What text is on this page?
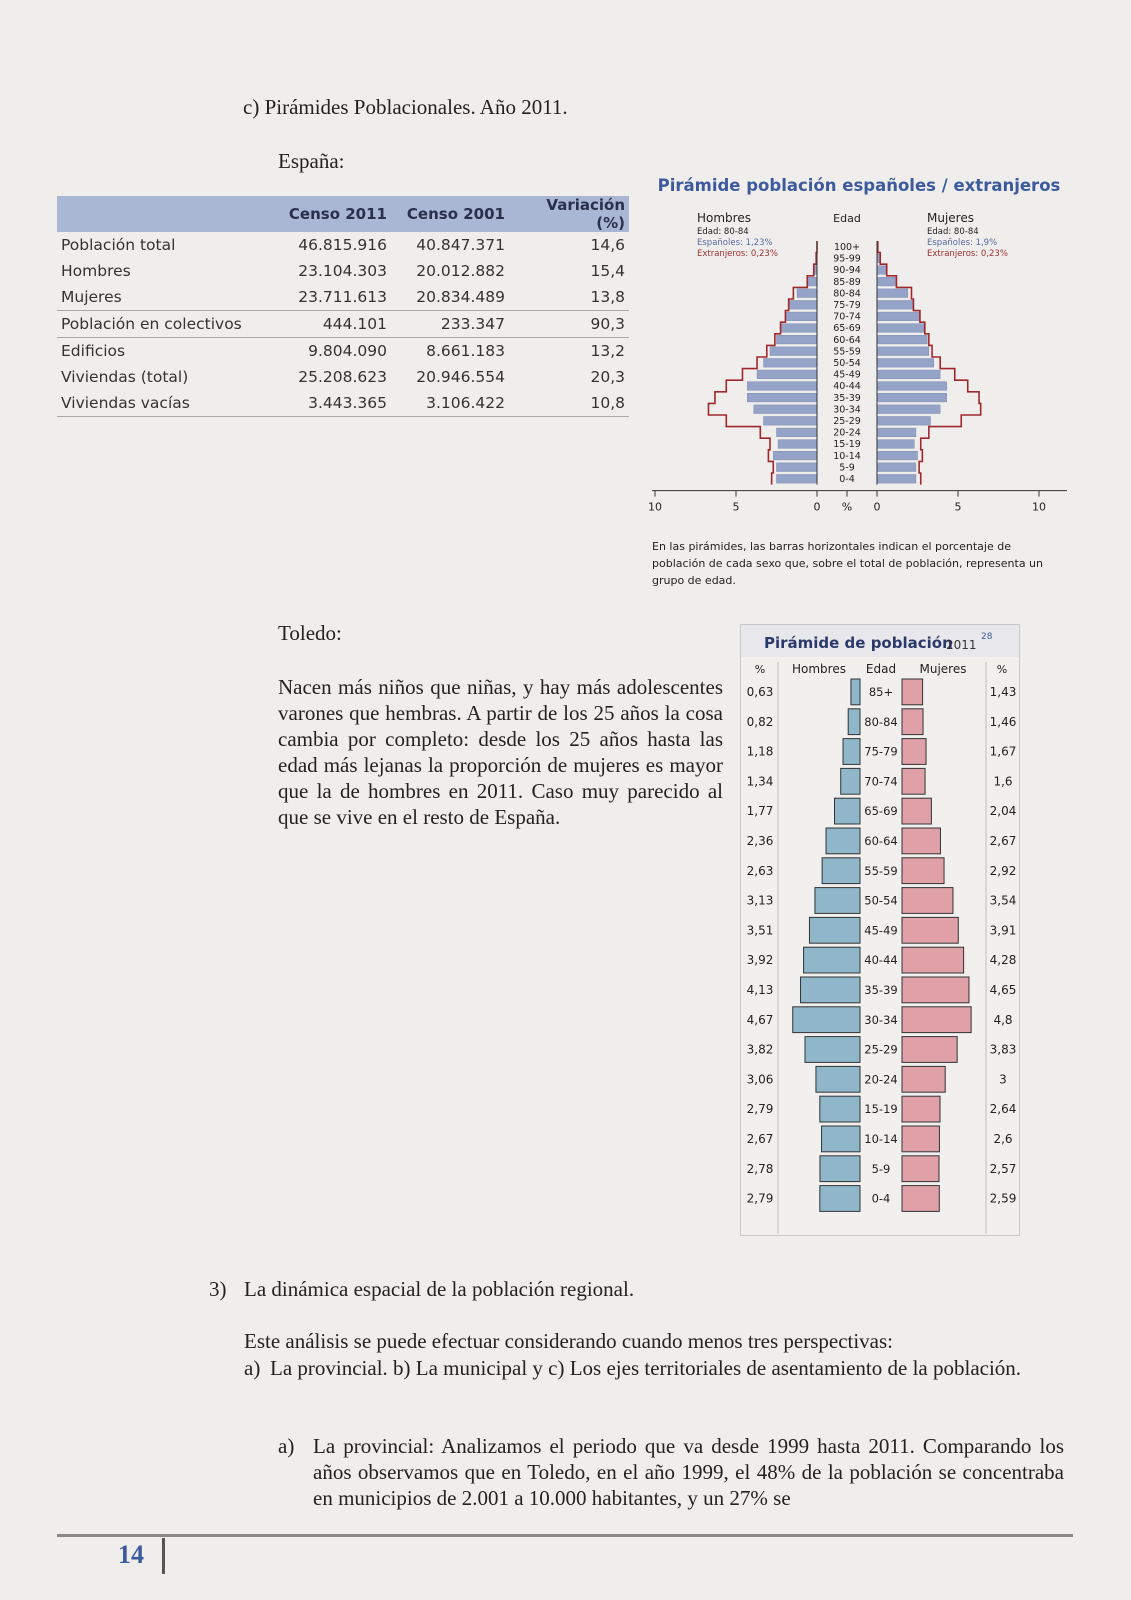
c) Pirámides Poblacionales. Año 2011.
España:
	Censo 2011	Censo 2001	Variación (%)
Población total	46.815.916	40.847.371	14,6
Hombres	23.104.303	20.012.882	15,4
Mujeres	23.711.613	20.834.489	13,8
Población en colectivos	444.101	233.347	90,3
Edificios	9.804.090	8.661.183	13,2
Viviendas (total)	25.208.623	20.946.554	20,3
Viviendas vacías	3.443.365	3.106.422	10,8
Pirámide población españoles / extranjeros
Hombres	Edad	Mujeres
Edad: 80-84
Españoles: 1,23%
Extranjeros: 0,23%
Edad: 80-84
Españoles: 1,9%
Extranjeros: 0,23%
100+
95-99
90-94
85-89
80-84
75-79
70-74
65-69
60-64
55-59
50-54
45-49
40-44
35-39
30-34
25-29
20-24
15-19
10-14
5-9
0-4
10	5	0 % 0	5	10
En las pirámides, las barras horizontales indican el porcentaje de población de cada sexo que, sobre el total de población, representa un grupo de edad.
Toledo:
Nacen más niños que niñas, y hay más adolescentes varones que hembras. A partir de los 25 años la cosa cambia por completo: desde los 25 años hasta las edad más lejanas la proporción de mujeres es mayor que la de hombres en 2011. Caso muy parecido al que se vive en el resto de España.
Pirámide de población
2011
28
% Hombres Edad Mujeres	%
85+
0,63	1,43
80-84
0,82	1,46
75-79
1,18	1,67
70-74
1,34	1,6
65-69
1,77	2,04
60-64
2,36	2,67
55-59
2,63	2,92
50-54
3,13	3,54
45-49
3,51	3,91
40-44
3,92	4,28
35-39
4,13	4,65
30-34
4,67	4,8
25-29
3,82	3,83
20-24
3,06	3
15-19
2,79	2,64
10-14
2,67	2,6
5-9
2,78	2,57
0-4
2,79	2,59
3) La dinámica espacial de la población regional.
Este análisis se puede efectuar considerando cuando menos tres perspectivas:
a) La provincial. b) La municipal y c) Los ejes territoriales de asentamiento de la población.
a) La provincial: Analizamos el periodo que va desde 1999 hasta 2011. Comparando los años observamos que en Toledo, en el año 1999, el 48% de la población se concentraba en municipios de 2.001 a 10.000 habitantes, y un 27% se
14
